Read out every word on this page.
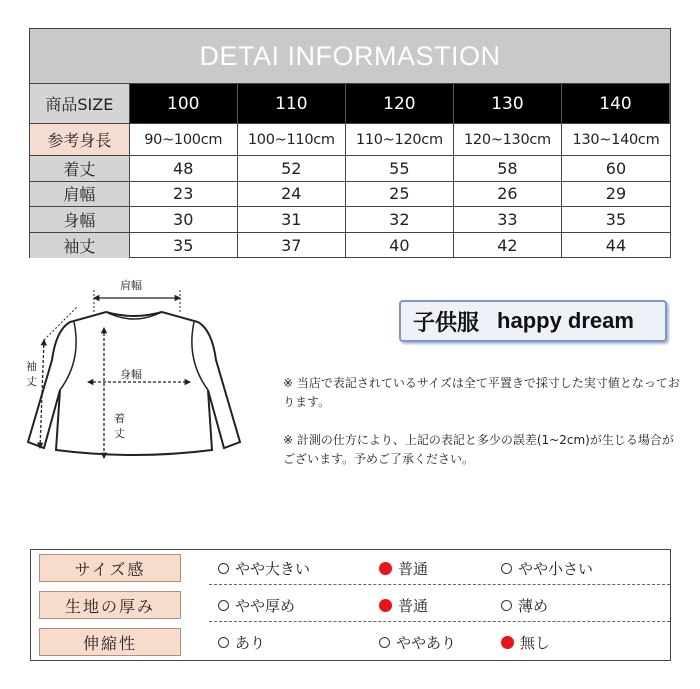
DETAI INFORMASTION
商品SIZE	100	110	120	130	140
参考身長	90~100cm	100~110cm	110~120cm	120~130cm	130~140cm
着丈	48	52	55	58	60
肩幅	23	24	25	26	29
身幅	30	31	32	33	35
袖丈	35	37	40	42	44
肩幅
身幅
着
丈
袖
丈
子供服 happy dream

※ 当店で表記されているサイズは全て平置きで採寸した実寸値となっております。

※ 計測の仕方により、上記の表記と多少の誤差(1~2cm)が生じる場合がございます。予めご了承ください。

サイズ感	やや大きい	普通	やや小さい
生地の厚み	やや厚め	普通	薄め
伸縮性	あり	ややあり	無し
